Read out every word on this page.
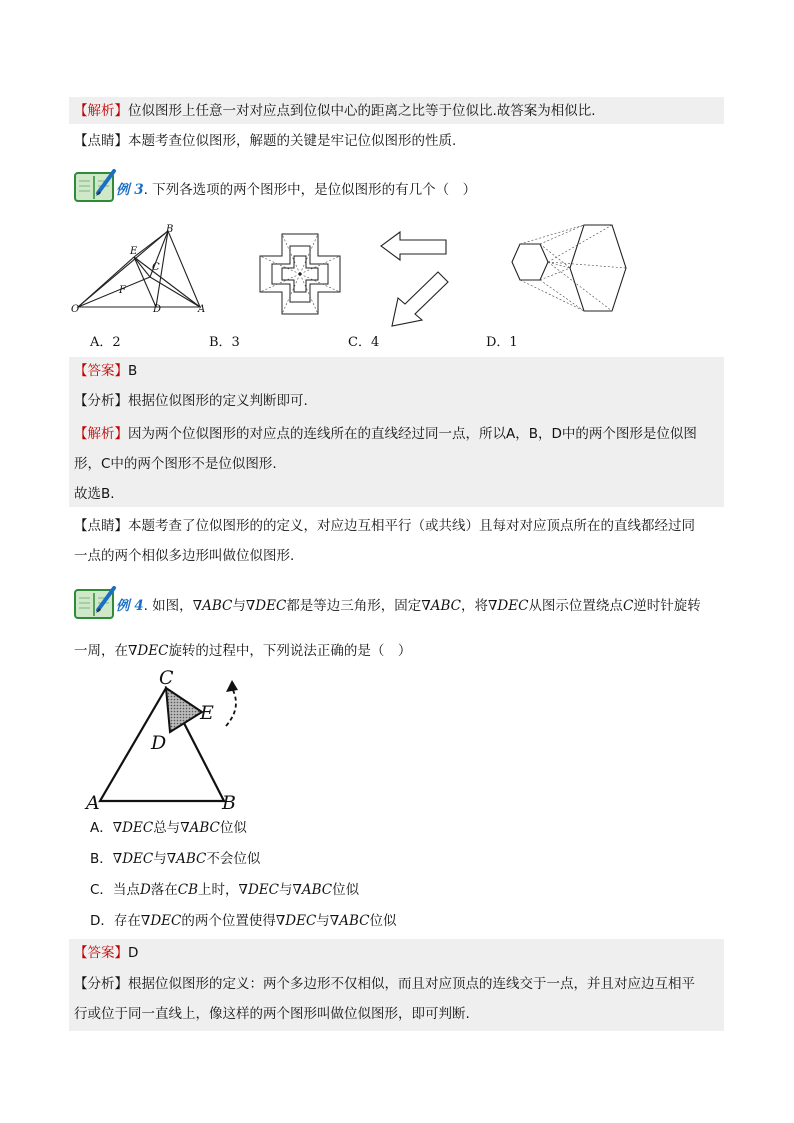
【解析】位似图形上任意一对对应点到位似中心的距离之比等于位似比.故答案为相似比.
【点睛】本题考查位似图形，解题的关键是牢记位似图形的性质.
例 3. 下列各选项的两个图形中，是位似图形的有几个（　）
O
B
E
C
F
D	A
A．2	B．3	C．4	D．1
【答案】B
【分析】根据位似图形的定义判断即可.
【解析】因为两个位似图形的对应点的连线所在的直线经过同一点，所以A，B，D中的两个图形是位似图
形，C中的两个图形不是位似图形.
故选B.
【点睛】本题考查了位似图形的的定义，对应边互相平行（或共线）且每对对应顶点所在的直线都经过同
一点的两个相似多边形叫做位似图形.
例 4. 如图，∇ABC与∇DEC都是等边三角形，固定∇ABC，将∇DEC从图示位置绕点C逆时针旋转
一周，在∇DEC旋转的过程中，下列说法正确的是（　）
C
E
D
A	B
A．∇DEC总与∇ABC位似
B．∇DEC与∇ABC不会位似
C．当点D落在CB上时，∇DEC与∇ABC位似
D．存在∇DEC的两个位置使得∇DEC与∇ABC位似
【答案】D
【分析】根据位似图形的定义：两个多边形不仅相似，而且对应顶点的连线交于一点，并且对应边互相平
行或位于同一直线上，像这样的两个图形叫做位似图形，即可判断.
